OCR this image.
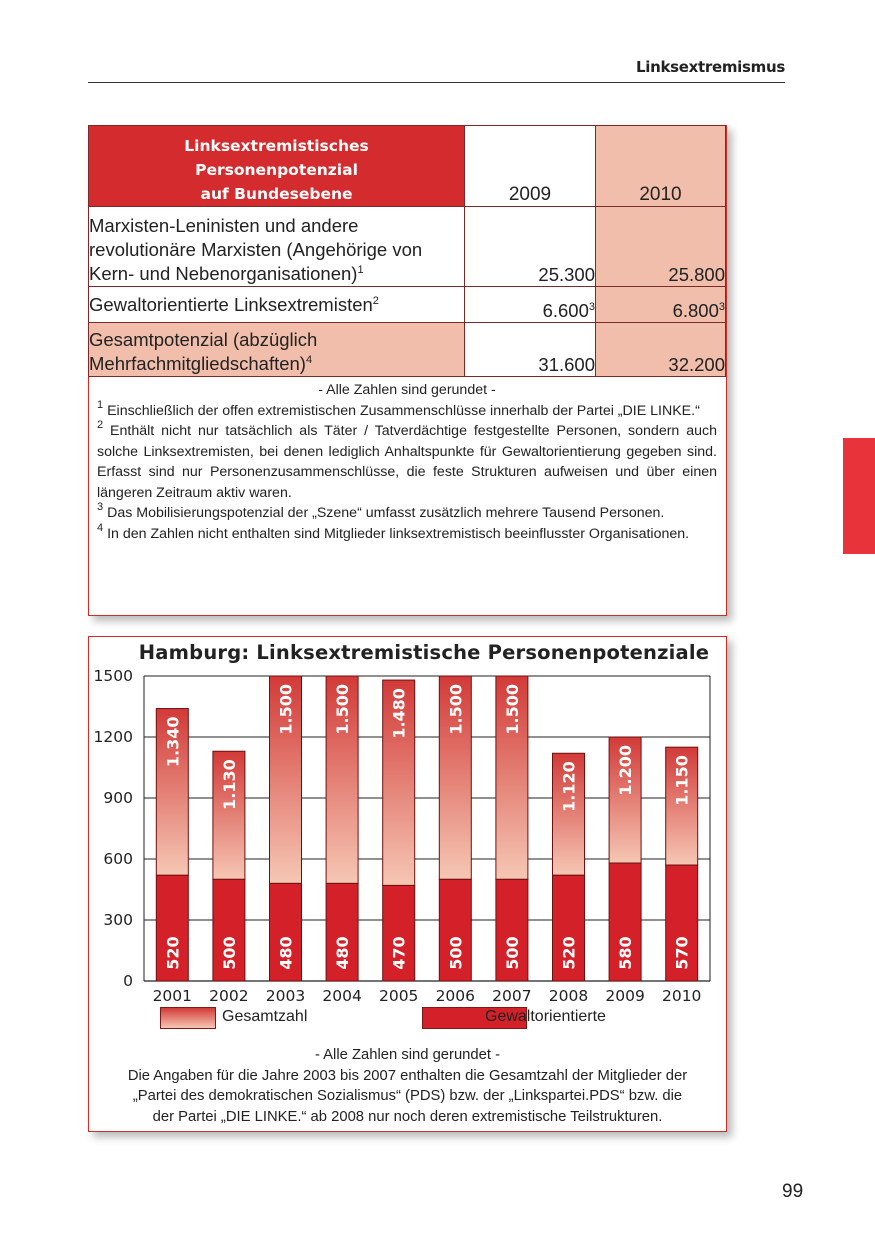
Linksextremismus
Linksextremistisches
Personenpotenzial
auf Bundesebene	2009	2010

Marxisten-Leninisten und andere
revolutionäre Marxisten (Angehörige von
Kern- und Nebenorganisationen)$^1$	25.300	25.800
Gewaltorientierte Linksextremisten$^2$	6.600$^3$	6.800$^3$

Gesamtpotenzial (abzüglich
Mehrfachmitgliedschaften)$^4$	31.600	32.200
- Alle Zahlen sind gerundet -

$^1$ Einschließlich der offen extremistischen Zusammenschlüsse innerhalb der Partei „DIE LINKE.“

$^2$ Enthält nicht nur tatsächlich als Täter / Tatverdächtige festgestellte Personen, sondern auch solche Linksextremisten, bei denen lediglich Anhaltspunkte für Gewaltorientierung gegeben sind. Erfasst sind nur Personenzusammenschlüsse, die feste Strukturen aufweisen und über einen längeren Zeitraum aktiv waren.

$^3$ Das Mobilisierungspotenzial der „Szene“ umfasst zusätzlich mehrere Tausend Personen.

$^4$ In den Zahlen nicht enthalten sind Mitglieder linksextremistisch beeinflusster Organisationen.

Hamburg: Linksextremistische Personenpotenziale
0
300
600
900
1200
1500
1.340
520
2001
1.130
500
2002
1.500
480
2003
1.500
480
2004
1.480
470
2005
1.500
500
2006
1.500
500
2007
1.120
520
2008
1.200
580
2009
1.150
570
2010
Gesamtzahl	Gewaltorientierte

- Alle Zahlen sind gerundet -

Die Angaben für die Jahre 2003 bis 2007 enthalten die Gesamtzahl der Mitglieder der

„Partei des demokratischen Sozialismus“ (PDS) bzw. der „Linkspartei.PDS“ bzw. die

der Partei „DIE LINKE.“ ab 2008 nur noch deren extremistische Teilstrukturen.

99
